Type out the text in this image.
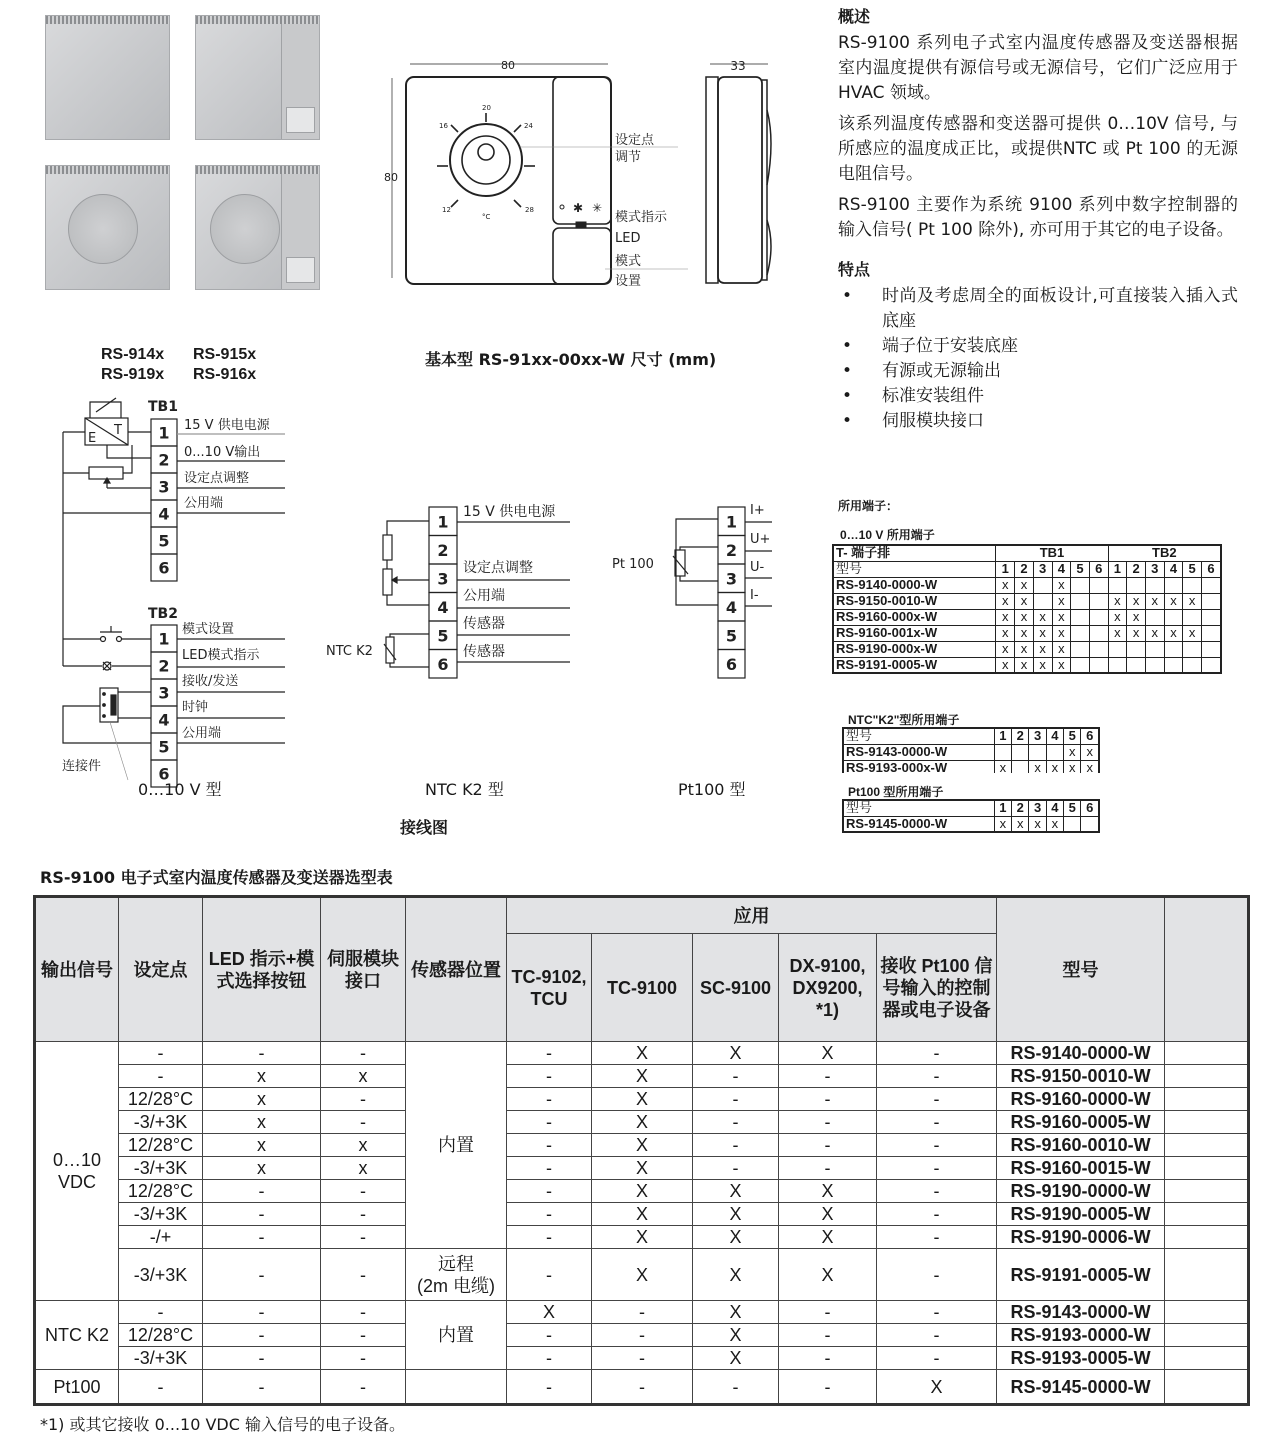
RS-914x RS-915x
RS-919x RS-916x
80
80
12
16
20
24
28
°C
✱ ✳
设定点
调节
模式指示
LED
模式
设置
33
基本型 RS-91xx-00xx-W 尺寸 (mm)
概述

RS-9100 系列电子式室内温度传感器及变送器根据室内温度提供有源信号或无源信号，它们广泛应用于 HVAC 领域。

该系列温度传感器和变送器可提供 0…10V 信号, 与所感应的温度成正比，或提供NTC 或 Pt 100 的无源电阻信号。

RS-9100 主要作为系统 9100 系列中数字控制器的输入信号( Pt 100 除外), 亦可用于其它的电子设备。

特点
• 时尚及考虑周全的面板设计,可直接装入插入式底座
• 端子位于安装底座
• 有源或无源输出
• 标准安装组件
• 伺服模块接口
TB1
1
2
3
4
5
6
1
2
3
4
5
6
15 V 供电电源
0...10 V输出
设定点调整
公用端
E
T
TB2
模式设置
LED模式指示
接收/发送
时钟
公用端
连接件
1
2
3
4
5
6
15 V 供电电源
设定点调整
公用端
传感器
传感器
NTC K2
1
2
3
4
5
6
I+
U+
U-
I-
Pt 100
0…10 V 型	NTC K2 型	Pt100 型
接线图
所用端子：
0…10 V 所用端子
T- 端子排	TB1						TB2					
型号	1	2	3	4	5	6	1	2	3	4	5	6
RS-9140-0000-W	x	x		x								
RS-9150-0010-W	x	x		x			x	x	x	x	x	
RS-9160-000x-W	x	x	x	x			x	x				
RS-9160-001x-W	x	x	x	x			x	x	x	x	x	
RS-9190-000x-W	x	x	x	x								
RS-9191-0005-W	x	x	x	x								
NTC"K2"型所用端子
型号	1	2	3	4	5	6
RS-9143-0000-W					x	x
RS-9193-000x-W	x		x	x	x	x
Pt100 型所用端子
型号	1	2	3	4	5	6
RS-9145-0000-W	x	x	x	x		
RS-9100 电子式室内温度传感器及变送器选型表
输出信号	设定点	LED 指示+模式选择按钮	伺服模块接口	传感器位置	应用					型号	
					TC-9102, TCU	TC-9100	SC-9100	DX-9100, DX9200, *1)	接收 Pt100 信号输入的控制器或电子设备		
0…10 VDC	-	-	-	内置	-	X	X	X	-	RS-9140-0000-W	
	-	x	x		-	X	-	-	-	RS-9150-0010-W	
	12/28°C	x	-		-	X	-	-	-	RS-9160-0000-W	
	-3/+3K	x	-		-	X	-	-	-	RS-9160-0005-W	
	12/28°C	x	x		-	X	-	-	-	RS-9160-0010-W	
	-3/+3K	x	x		-	X	-	-	-	RS-9160-0015-W	
	12/28°C	-	-		-	X	X	X	-	RS-9190-0000-W	
	-3/+3K	-	-		-	X	X	X	-	RS-9190-0005-W	
	-/+	-	-		-	X	X	X	-	RS-9190-0006-W	
	-3/+3K	-	-	远程
(2m 电缆)	-	X	X	X	-	RS-9191-0005-W	
NTC K2	-	-	-	内置	X	-	X	-	-	RS-9143-0000-W	
	12/28°C	-	-		-	-	X	-	-	RS-9193-0000-W	
	-3/+3K	-	-		-	-	X	-	-	RS-9193-0005-W	
Pt100	-	-	-		-	-	-	-	X	RS-9145-0000-W	
*1) 或其它接收 0...10 VDC 输入信号的电子设备。
